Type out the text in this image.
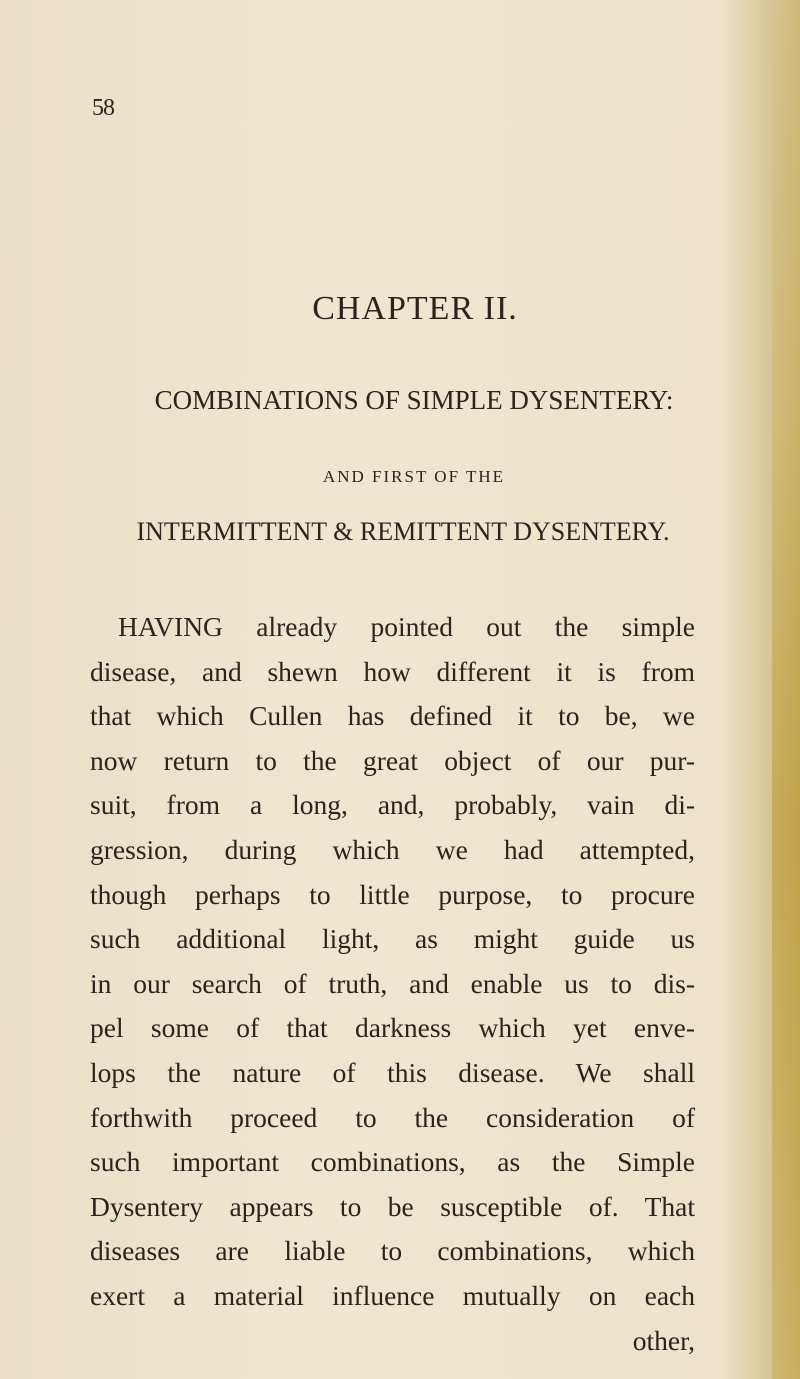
58
CHAPTER II.
COMBINATIONS OF SIMPLE DYSENTERY:
AND FIRST OF THE
INTERMITTENT & REMITTENT DYSENTERY.
HAVING already pointed out the simple
disease, and shewn how different it is from
that which Cullen has defined it to be, we
now return to the great object of our pur-
suit, from a long, and, probably, vain di-
gression, during which we had attempted,
though perhaps to little purpose, to procure
such additional light, as might guide us
in our search of truth, and enable us to dis-
pel some of that darkness which yet enve-
lops the nature of this disease. We shall
forthwith proceed to the consideration of
such important combinations, as the Simple
Dysentery appears to be susceptible of. That
diseases are liable to combinations, which
exert a material influence mutually on each
other,
